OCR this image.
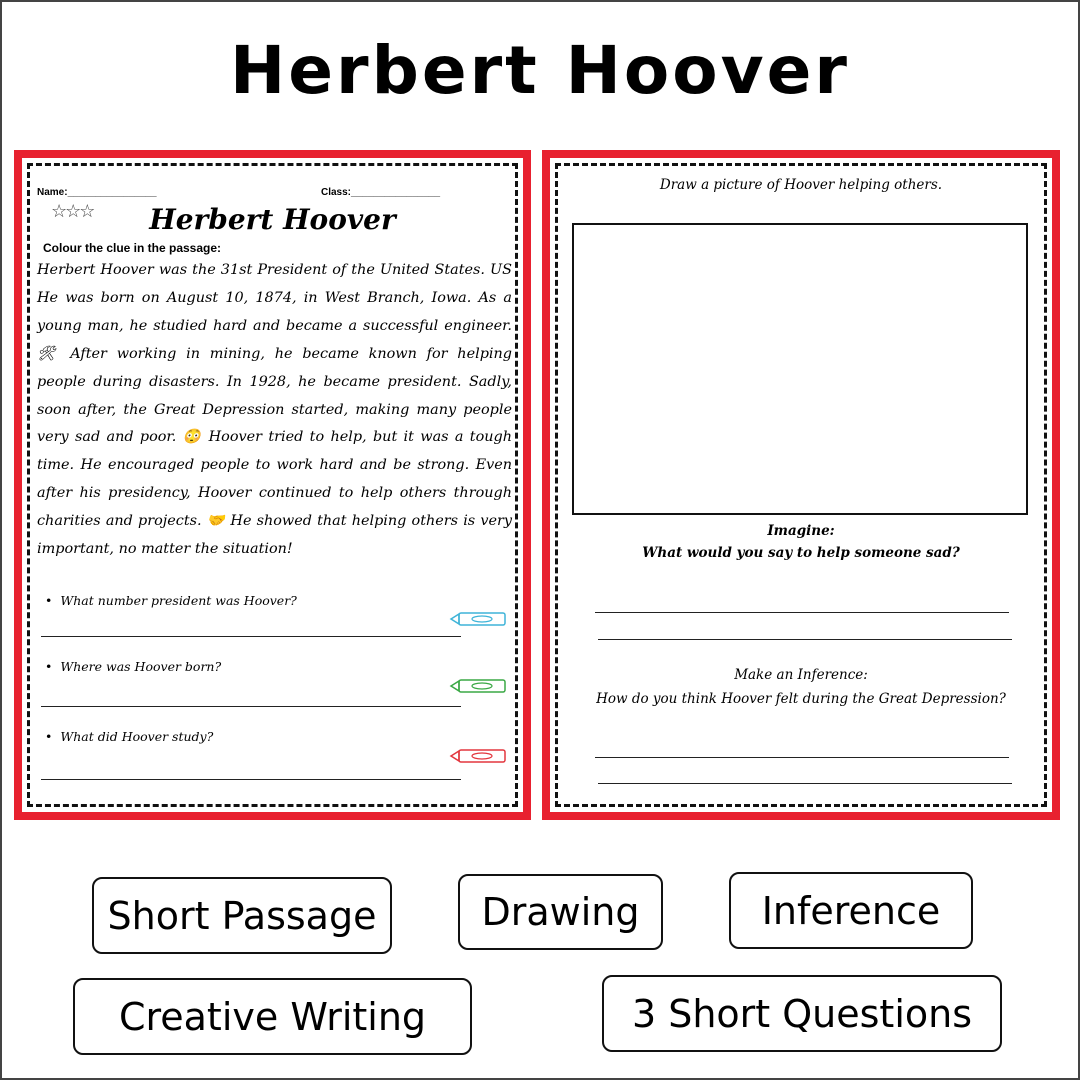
Herbert Hoover
Name:________________	Class:________________
☆☆☆	Herbert Hoover
Colour the clue in the passage:
Herbert Hoover was the 31st President of the United States. US He was born on August 10, 1874, in West Branch, Iowa. As a young man, he studied hard and became a successful engineer. 🛠 After working in mining, he became known for helping people during disasters. In 1928, he became president. Sadly, soon after, the Great Depression started, making many people very sad and poor. 😳 Hoover tried to help, but it was a tough time. He encouraged people to work hard and be strong. Even after his presidency, Hoover continued to help others through charities and projects. 🤝 He showed that helping others is very important, no matter the situation!
• What number president was Hoover?
• Where was Hoover born?
• What did Hoover study?
Draw a picture of Hoover helping others.
Imagine:
What would you say to help someone sad?
Make an Inference:
How do you think Hoover felt during the Great Depression?
Short Passage	Drawing	Inference
Creative Writing	3 Short Questions
